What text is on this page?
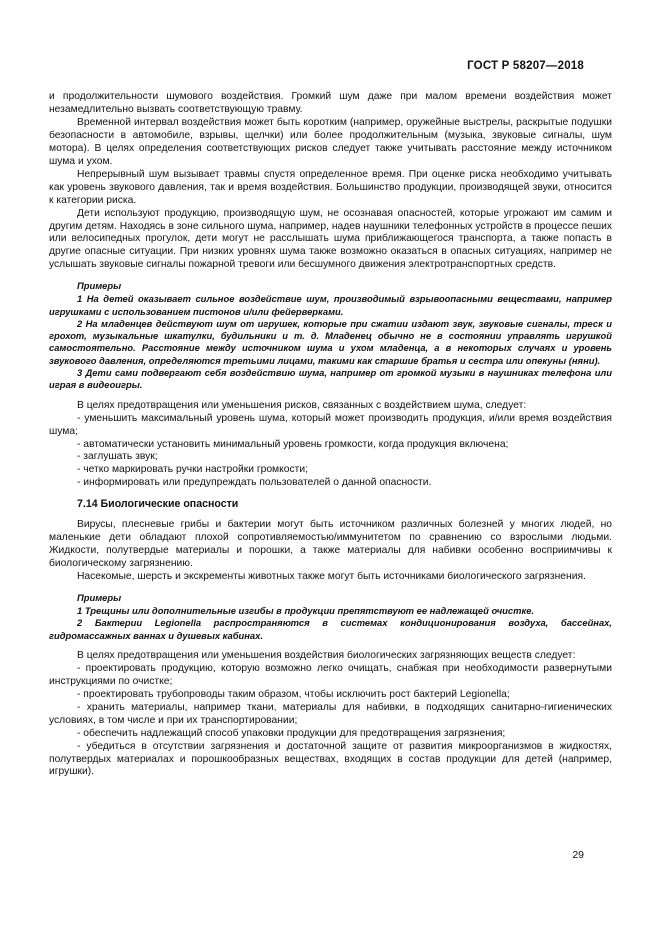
ГОСТ Р 58207—2018

и продолжительности шумового воздействия. Громкий шум даже при малом времени воздействия может незамедлительно вызвать соответствующую травму.

Временной интервал воздействия может быть коротким (например, оружейные выстрелы, раскрытые подушки безопасности в автомобиле, взрывы, щелчки) или более продолжительным (музыка, звуковые сигналы, шум мотора). В целях определения соответствующих рисков следует также учитывать расстояние между источником шума и ухом.

Непрерывный шум вызывает травмы спустя определенное время. При оценке риска необходимо учитывать как уровень звукового давления, так и время воздействия. Большинство продукции, производящей звуки, относится к категории риска.

Дети используют продукцию, производящую шум, не осознавая опасностей, которые угрожают им самим и другим детям. Находясь в зоне сильного шума, например, надев наушники телефонных устройств в процессе пеших или велосипедных прогулок, дети могут не расслышать шума приближающегося транспорта, а также попасть в другие опасные ситуации. При низких уровнях шума также возможно оказаться в опасных ситуациях, например не услышать звуковые сигналы пожарной тревоги или бесшумного движения электротранспортных средств.

Примеры

1 На детей оказывает сильное воздействие шум, производимый взрывоопасными веществами, например игрушками с использованием пистонов и/или фейерверками.

2 На младенцев действуют шум от игрушек, которые при сжатии издают звук, звуковые сигналы, треск и грохот, музыкальные шкатулки, будильники и т. д. Младенец обычно не в состоянии управлять игрушкой самостоятельно. Расстояние между источником шума и ухом младенца, а в некоторых случаях и уровень звукового давления, определяются третьими лицами, такими как старшие братья и сестра или опекуны (няни).

3 Дети сами подвергают себя воздействию шума, например от громкой музыки в наушниках телефона или играя в видеоигры.

В целях предотвращения или уменьшения рисков, связанных с воздействием шума, следует:

- уменьшить максимальный уровень шума, который может производить продукция, и/или время воздействия шума;

- автоматически установить минимальный уровень громкости, когда продукция включена;

- заглушать звук;

- четко маркировать ручки настройки громкости;

- информировать или предупреждать пользователей о данной опасности.

7.14 Биологические опасности

Вирусы, плесневые грибы и бактерии могут быть источником различных болезней у многих людей, но маленькие дети обладают плохой сопротивляемостью/иммунитетом по сравнению со взрослыми людьми. Жидкости, полутвердые материалы и порошки, а также материалы для набивки особенно восприимчивы к биологическому загрязнению.

Насекомые, шерсть и экскременты животных также могут быть источниками биологического загрязнения.

Примеры

1 Трещины или дополнительные изгибы в продукции препятствуют ее надлежащей очистке.

2 Бактерии Legionella распространяются в системах кондиционирования воздуха, бассейнах, гидромассажных ваннах и душевых кабинах.

В целях предотвращения или уменьшения воздействия биологических загрязняющих веществ следует:

- проектировать продукцию, которую возможно легко очищать, снабжая при необходимости развернутыми инструкциями по очистке;

- проектировать трубопроводы таким образом, чтобы исключить рост бактерий Legionella;

- хранить материалы, например ткани, материалы для набивки, в подходящих санитарно-гигиенических условиях, в том числе и при их транспортировании;

- обеспечить надлежащий способ упаковки продукции для предотвращения загрязнения;

- убедиться в отсутствии загрязнения и достаточной защите от развития микроорганизмов в жидкостях, полутвердых материалах и порошкообразных веществах, входящих в состав продукции для детей (например, игрушки).

29
